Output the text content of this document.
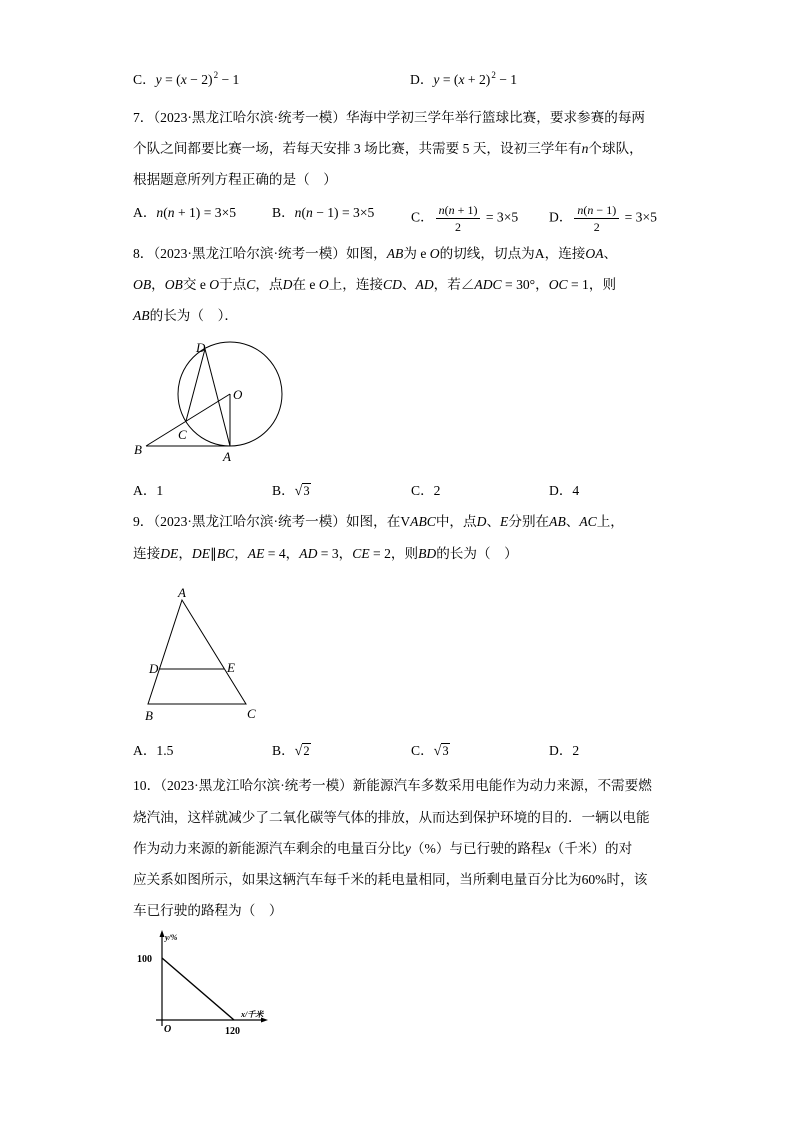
C．$y = (x - 2)^2 - 1$	D．$y = (x + 2)^2 - 1$
7．（2023·黑龙江哈尔滨·统考一模）华海中学初三学年举行篮球比赛，要求参赛的每两
个队之间都要比赛一场，若每天安排 3 场比赛，共需要 5 天，设初三学年有n个球队，
根据题意所列方程正确的是（　）
A．n(n + 1) = 3×5	B．n(n − 1) = 3×5	C． $\frac{n(n + 1)}{2} = 3\times 5$ D． $\frac{n(n - 1)}{2} = 3\times 5$
8．（2023·黑龙江哈尔滨·统考一模）如图，AB为 e O的切线，切点为A，连接OA、
OB，OB交 e O于点C，点D在 e O上，连接CD、AD，若∠ADC = 30°，OC = 1，则
AB的长为（　）．
D
O
C
B	A
A．1	B．√3	C．2	D．4
9．（2023·黑龙江哈尔滨·统考一模）如图，在VABC中，点D、E分别在AB、AC上，
连接DE，DE∥BC，AE = 4，AD = 3，CE = 2，则BD的长为（　）
A
D	E
B	C
A．1.5	B．√2	C．√3	D．2
10．（2023·黑龙江哈尔滨·统考一模）新能源汽车多数采用电能作为动力来源，不需要燃
烧汽油，这样就减少了二氧化碳等气体的排放，从而达到保护环境的目的．一辆以电能
作为动力来源的新能源汽车剩余的电量百分比y（%）与已行驶的路程x（千米）的对
应关系如图所示，如果这辆汽车每千米的耗电量相同，当所剩电量百分比为60%时，该
车已行驶的路程为（　）
y/%
100
x/千米
O	120
